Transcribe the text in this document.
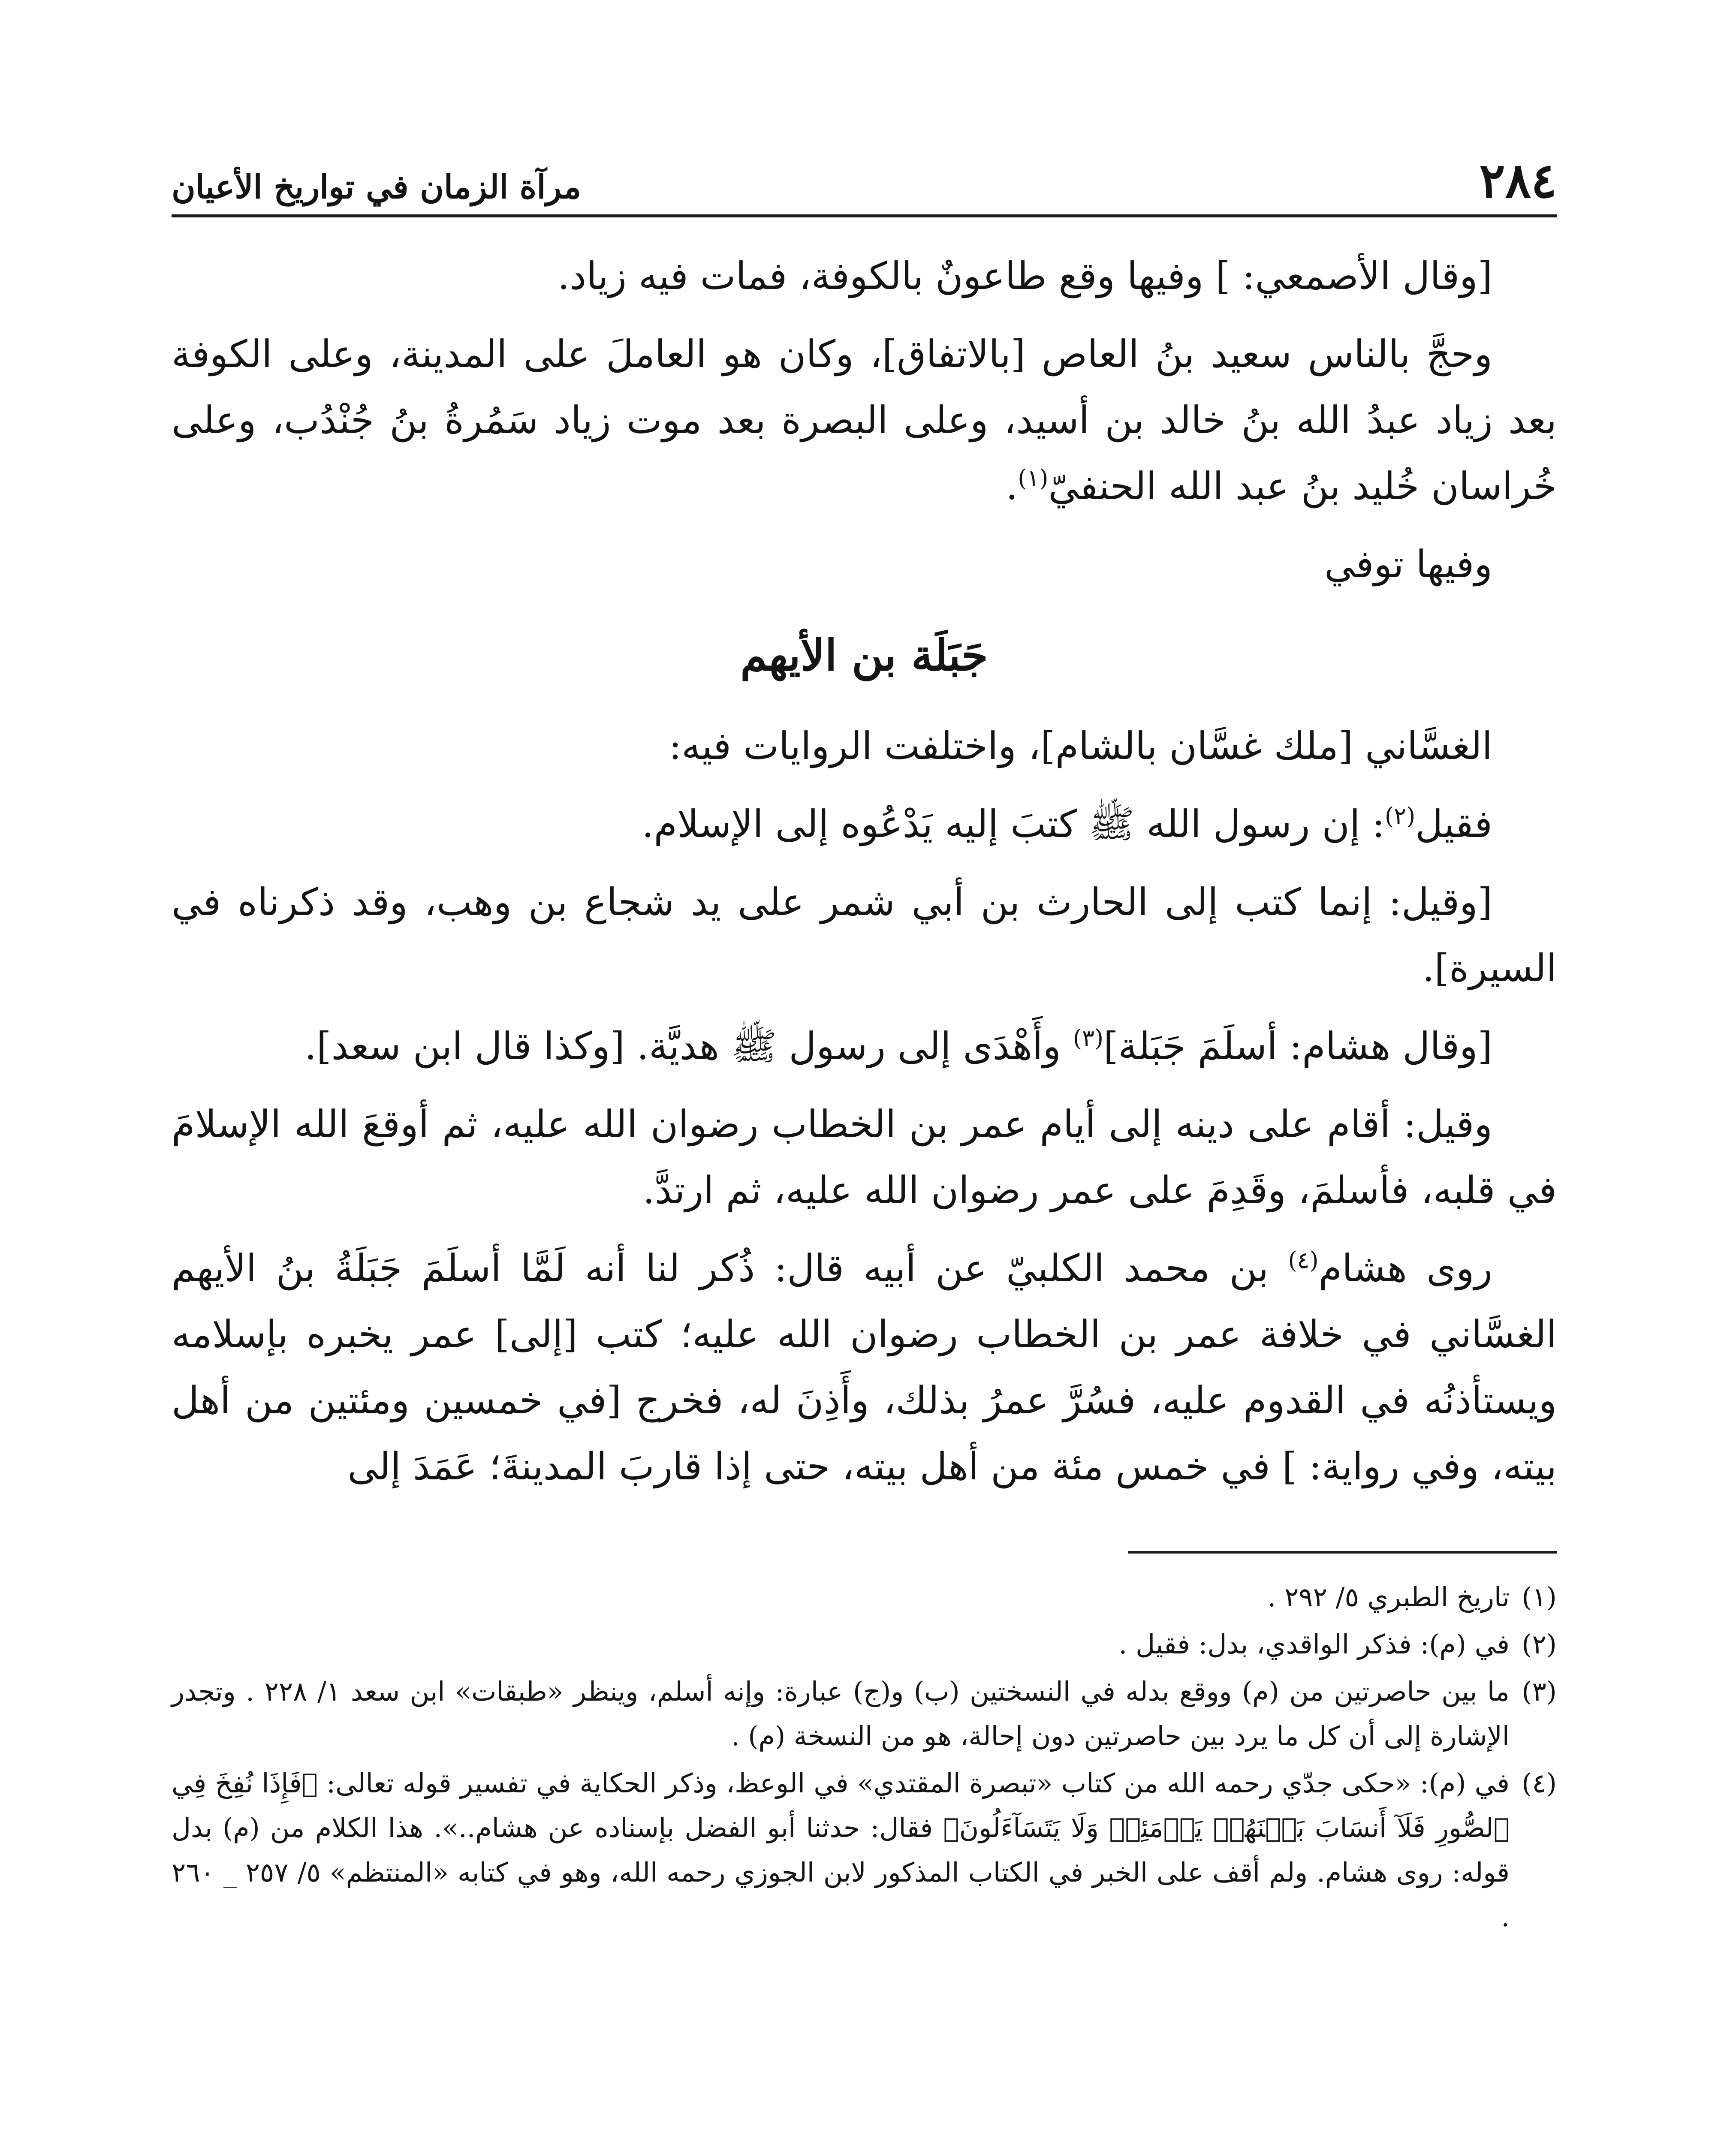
٢٨٤
مرآة الزمان في تواريخ الأعيان

[وقال الأصمعي: ] وفيها وقع طاعونٌ بالكوفة، فمات فيه زياد.

وحجَّ بالناس سعيد بنُ العاص [بالاتفاق]، وكان هو العاملَ على المدينة، وعلى الكوفة بعد زياد عبدُ الله بنُ خالد بن أسيد، وعلى البصرة بعد موت زياد سَمُرةُ بنُ جُنْدُب، وعلى خُراسان خُليد بنُ عبد الله الحنفيّ$^{(١)}$.

وفيها توفي

جَبَلَة بن الأيهم

الغسَّاني [ملك غسَّان بالشام]، واختلفت الروايات فيه:

فقيل$^{(٢)}$: إن رسول الله ﷺ كتبَ إليه يَدْعُوه إلى الإسلام.

[وقيل: إنما كتب إلى الحارث بن أبي شمر على يد شجاع بن وهب، وقد ذكرناه في السيرة].

[وقال هشام: أسلَمَ جَبَلة]$^{(٣)}$ وأَهْدَى إلى رسول ﷺ هديَّة. [وكذا قال ابن سعد].

وقيل: أقام على دينه إلى أيام عمر بن الخطاب رضوان الله عليه، ثم أوقعَ الله الإسلامَ في قلبه، فأسلمَ، وقَدِمَ على عمر رضوان الله عليه، ثم ارتدَّ.

روى هشام$^{(٤)}$ بن محمد الكلبيّ عن أبيه قال: ذُكر لنا أنه لَمَّا أسلَمَ جَبَلَةُ بنُ الأيهم الغسَّاني في خلافة عمر بن الخطاب رضوان الله عليه؛ كتب [إلى] عمر يخبره بإسلامه ويستأذنُه في القدوم عليه، فسُرَّ عمرُ بذلك، وأَذِنَ له، فخرج [في خمسين ومئتين من أهل بيته، وفي رواية: ] في خمس مئة من أهل بيته، حتى إذا قاربَ المدينةَ؛ عَمَدَ إلى

(١)تاريخ الطبري ٥/ ٢٩٢ .
(٢)في (م): فذكر الواقدي، بدل: فقيل .
(٣)ما بين حاصرتين من (م) ووقع بدله في النسختين (ب) و(ج) عبارة: وإنه أسلم، وينظر «طبقات» ابن سعد ١/ ٢٢٨ . وتجدر الإشارة إلى أن كل ما يرد بين حاصرتين دون إحالة، هو من النسخة (م) .
(٤)في (م): «حكى جدّي رحمه الله من كتاب «تبصرة المقتدي» في الوعظ، وذكر الحكاية في تفسير قوله تعالى: ﴿فَإِذَا نُفِخَ فِي ٱلصُّورِ فَلَآ أَنسَابَ بَيۡنَهُمۡ يَوۡمَئِذٖ وَلَا يَتَسَآءَلُونَ﴾ فقال: حدثنا أبو الفضل بإسناده عن هشام..». هذا الكلام من (م) بدل قوله: روى هشام. ولم أقف على الخبر في الكتاب المذكور لابن الجوزي رحمه الله، وهو في كتابه «المنتظم» ٥/ ٢٥٧ _ ٢٦٠ .
